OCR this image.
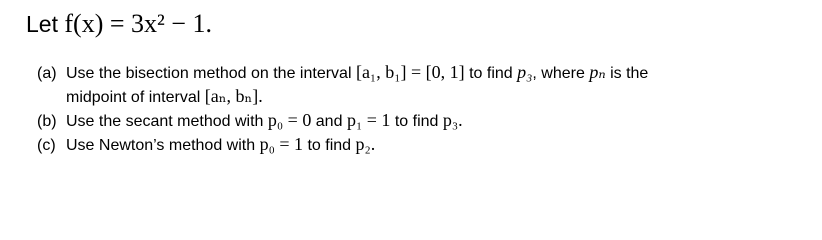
Let f(x) = 3x² − 1.
(a) Use the bisection method on the interval [a₁, b₁] = [0, 1] to find p₃, where pₙ is the
midpoint of interval [aₙ, bₙ].
(b) Use the secant method with p₀ = 0 and p₁ = 1 to find p₃.
(c) Use Newton’s method with p₀ = 1 to find p₂.
